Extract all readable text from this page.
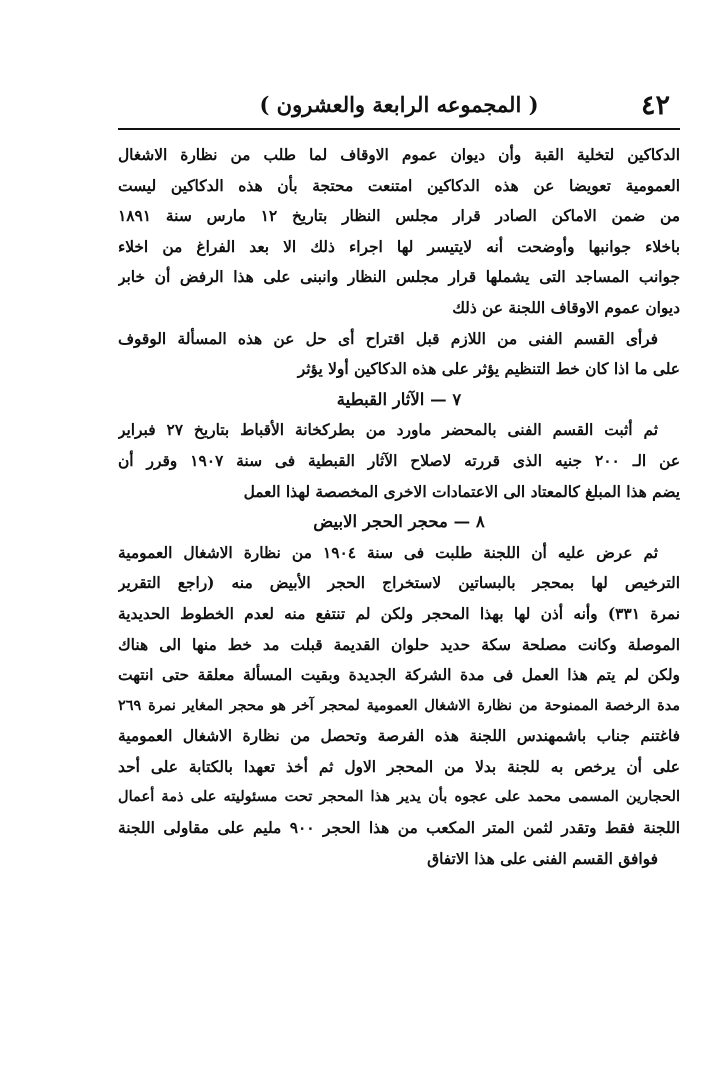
٤٢
( المجموعه الرابعة والعشرون )
الدكاكين لتخلية القبة وأن ديوان عموم الاوقاف لما طلب من نظارة الاشغال
العمومية تعويضا عن هذه الدكاكين امتنعت محتجة بأن هذه الدكاكين ليست
من ضمن الاماكن الصادر قرار مجلس النظار بتاريخ ١٢ مارس سنة ١٨٩١
باخلاء جوانبها وأوضحت أنه لايتيسر لها اجراء ذلك الا بعد الفراغ من اخلاء
جوانب المساجد التى يشملها قرار مجلس النظار وانبنى على هذا الرفض أن خابر
ديوان عموم الاوقاف اللجنة عن ذلك
فرأى القسم الفنى من اللازم قبل اقتراح أى حل عن هذه المسألة الوقوف
على ما اذا كان خط التنظيم يؤثر على هذه الدكاكين أولا يؤثر
٧ — الآثار القبطية
ثم أثبت القسم الفنى بالمحضر ماورد من بطركخانة الأقباط بتاريخ ٢٧ فبراير
عن الـ ٢٠٠ جنيه الذى قررته لاصلاح الآثار القبطية فى سنة ١٩٠٧ وقرر أن
يضم هذا المبلغ كالمعتاد الى الاعتمادات الاخرى المخصصة لهذا العمل
٨ — محجر الحجر الابيض
ثم عرض عليه أن اللجنة طلبت فى سنة ١٩٠٤ من نظارة الاشغال العمومية
الترخيص لها بمحجر بالبساتين لاستخراج الحجر الأبيض منه (راجع التقرير
نمرة ٣٣١) وأنه أذن لها بهذا المحجر ولكن لم تنتفع منه لعدم الخطوط الحديدية
الموصلة وكانت مصلحة سكة حديد حلوان القديمة قبلت مد خط منها الى هناك
ولكن لم يتم هذا العمل فى مدة الشركة الجديدة وبقيت المسألة معلقة حتى انتهت
مدة الرخصة الممنوحة من نظارة الاشغال العمومية لمحجر آخر هو محجر المغاير نمرة ٢٦٩
فاغتنم جناب باشمهندس اللجنة هذه الفرصة وتحصل من نظارة الاشغال العمومية
على أن يرخص به للجنة بدلا من المحجر الاول ثم أخذ تعهدا بالكتابة على أحد
الحجارين المسمى محمد على عجوه بأن يدير هذا المحجر تحت مسئوليته على ذمة أعمال
اللجنة فقط وتقدر لثمن المتر المكعب من هذا الحجر ٩٠٠ مليم على مقاولى اللجنة
فوافق القسم الفنى على هذا الاتفاق
